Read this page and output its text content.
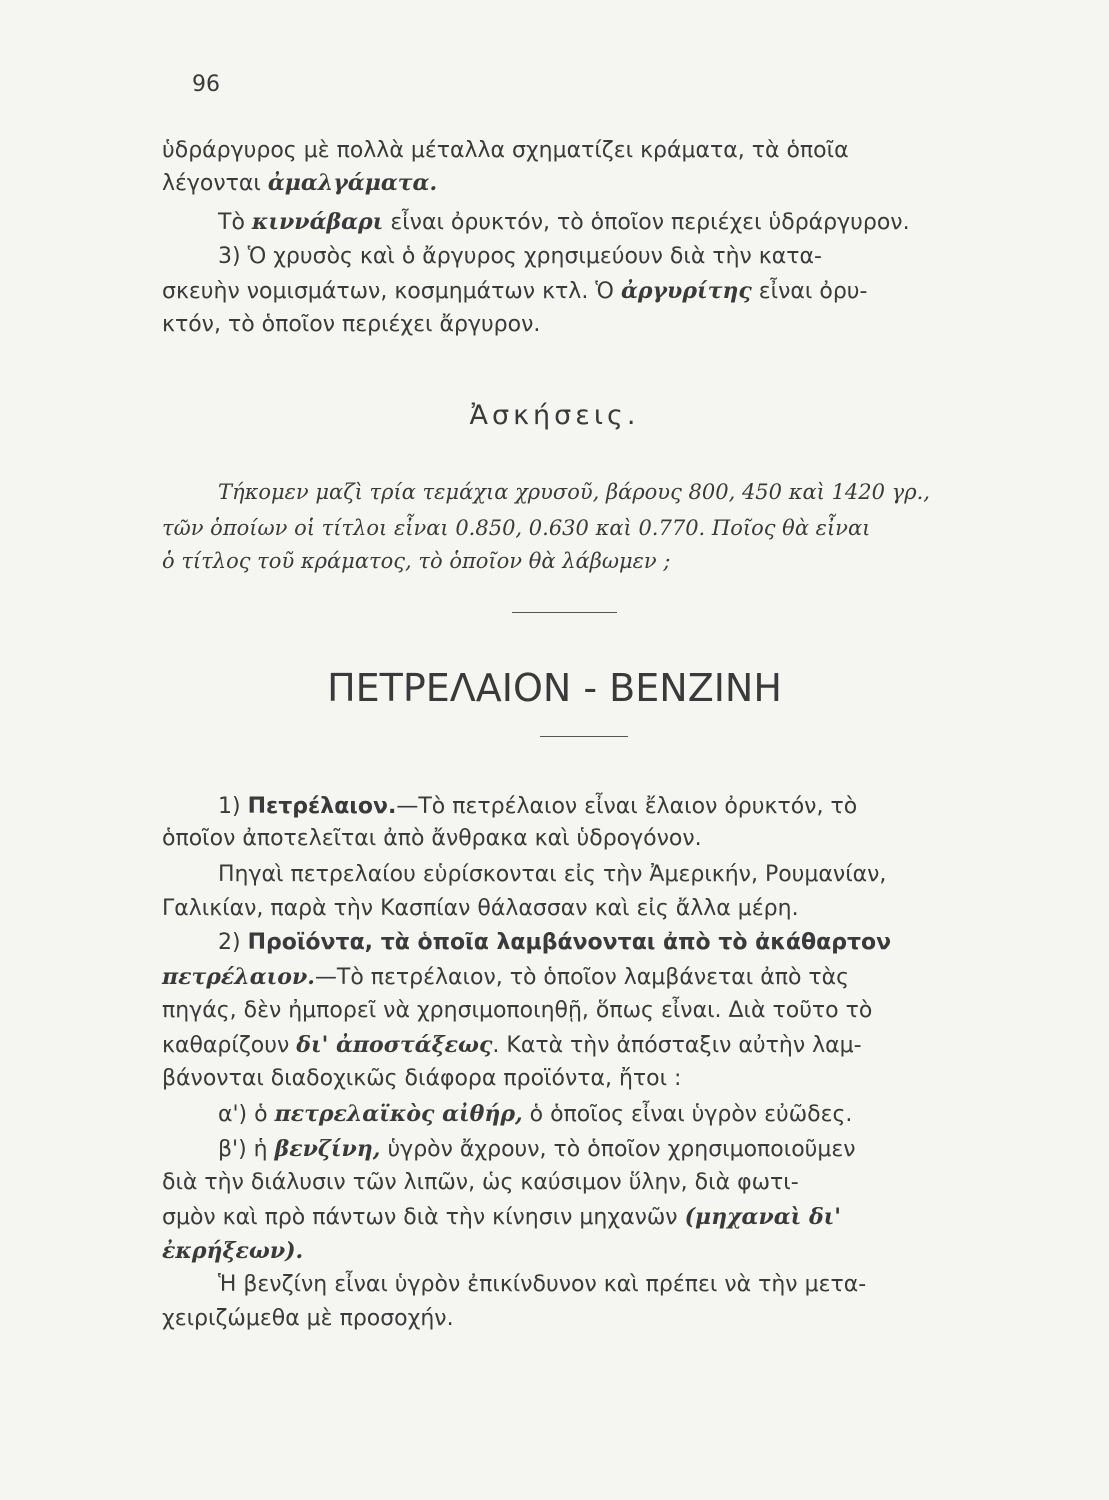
96
ὑδράργυρος μὲ πολλὰ μέταλλα σχηματίζει κράματα, τὰ ὁποῖα
λέγονται ἀμαλγάματα.
Τὸ κιννάβαρι εἶναι ὀρυκτόν, τὸ ὁποῖον περιέχει ὑδράργυρον.
3) Ὁ χρυσὸς καὶ ὁ ἄργυρος χρησιμεύουν διὰ τὴν κατα-
σκευὴν νομισμάτων, κοσμημάτων κτλ. Ὁ ἀργυρίτης εἶναι ὀρυ-
κτόν, τὸ ὁποῖον περιέχει ἄργυρον.
Ἀσκήσεις.
Τήκομεν μαζὶ τρία τεμάχια χρυσοῦ, βάρους 800, 450 καὶ 1420 γρ.,
τῶν ὁποίων οἱ τίτλοι εἶναι 0.850, 0.630 καὶ 0.770. Ποῖος θὰ εἶναι
ὁ τίτλος τοῦ κράματος, τὸ ὁποῖον θὰ λάβωμεν ;
ΠΕΤΡΕΛΑΙΟΝ - ΒΕΝΖΙΝΗ
1) Πετρέλαιον.—Τὸ πετρέλαιον εἶναι ἔλαιον ὀρυκτόν, τὸ
ὁποῖον ἀποτελεῖται ἀπὸ ἄνθρακα καὶ ὑδρογόνον.
Πηγαὶ πετρελαίου εὑρίσκονται εἰς τὴν Ἀμερικήν, Ρουμανίαν,
Γαλικίαν, παρὰ τὴν Κασπίαν θάλασσαν καὶ εἰς ἄλλα μέρη.
2) Προϊόντα, τὰ ὁποῖα λαμβάνονται ἀπὸ τὸ ἀκάθαρτον
πετρέλαιον.—Τὸ πετρέλαιον, τὸ ὁποῖον λαμβάνεται ἀπὸ τὰς
πηγάς, δὲν ἠμπορεῖ νὰ χρησιμοποιηθῇ, ὅπως εἶναι. Διὰ τοῦτο τὸ
καθαρίζουν δι' ἀποστάξεως. Κατὰ τὴν ἀπόσταξιν αὐτὴν λαμ-
βάνονται διαδοχικῶς διάφορα προϊόντα, ἤτοι :
α') ὁ πετρελαϊκὸς αἰθήρ, ὁ ὁποῖος εἶναι ὑγρὸν εὐῶδες.
β') ἡ βενζίνη, ὑγρὸν ἄχρουν, τὸ ὁποῖον χρησιμοποιοῦμεν
διὰ τὴν διάλυσιν τῶν λιπῶν, ὡς καύσιμον ὕλην, διὰ φωτι-
σμὸν καὶ πρὸ πάντων διὰ τὴν κίνησιν μηχανῶν (μηχαναὶ δι'
ἐκρήξεων).
Ἡ βενζίνη εἶναι ὑγρὸν ἐπικίνδυνον καὶ πρέπει νὰ τὴν μετα-
χειριζώμεθα μὲ προσοχήν.
